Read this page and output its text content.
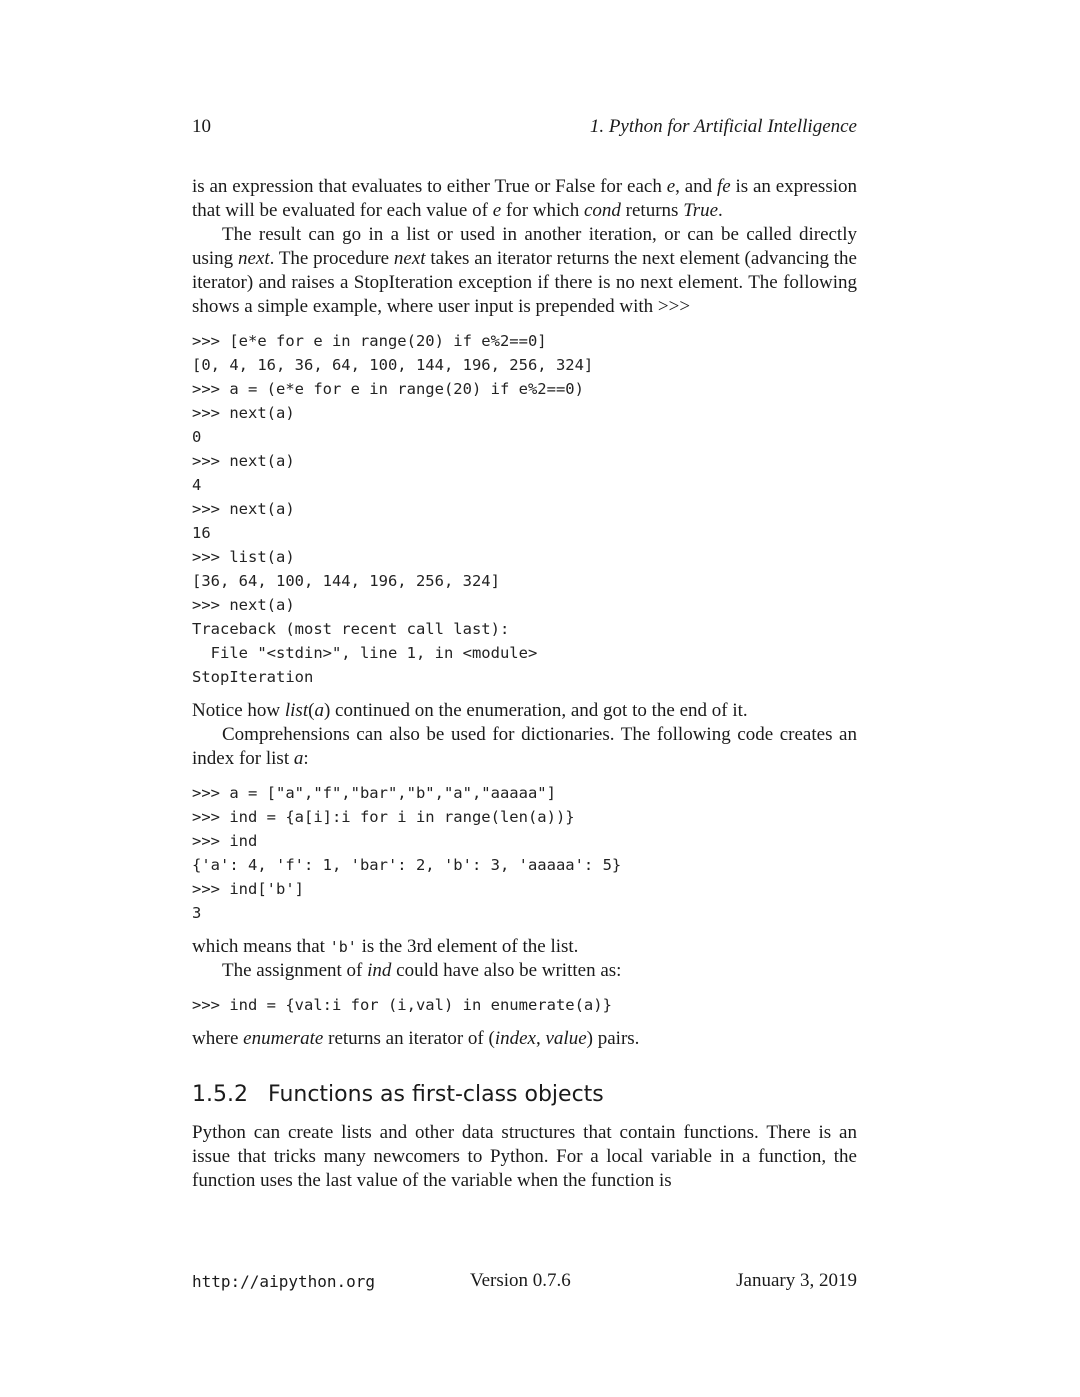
10	1. Python for Artificial Intelligence

is an expression that evaluates to either True or False for each e, and fe is an expression that will be evaluated for each value of e for which cond returns True.

The result can go in a list or used in another iteration, or can be called directly using next. The procedure next takes an iterator returns the next element (advancing the iterator) and raises a StopIteration exception if there is no next element. The following shows a simple example, where user input is prepended with >>>

>>> [e*e for e in range(20) if e%2==0]
[0, 4, 16, 36, 64, 100, 144, 196, 256, 324]
>>> a = (e*e for e in range(20) if e%2==0)
>>> next(a)
0
>>> next(a)
4
>>> next(a)
16
>>> list(a)
[36, 64, 100, 144, 196, 256, 324]
>>> next(a)
Traceback (most recent call last):
File "<stdin>", line 1, in <module>
StopIteration

Notice how list(a) continued on the enumeration, and got to the end of it.

Comprehensions can also be used for dictionaries. The following code creates an index for list a:

>>> a = ["a","f","bar","b","a","aaaaa"]
>>> ind = {a[i]:i for i in range(len(a))}
>>> ind
{'a': 4, 'f': 1, 'bar': 2, 'b': 3, 'aaaaa': 5}
>>> ind['b']
3

which means that 'b' is the 3rd element of the list.

The assignment of ind could have also be written as:

>>> ind = {val:i for (i,val) in enumerate(a)}

where enumerate returns an iterator of (index, value) pairs.

1.5.2 Functions as first-class objects

Python can create lists and other data structures that contain functions. There is an issue that tricks many newcomers to Python. For a local variable in a function, the function uses the last value of the variable when the function is

http://aipython.org	Version 0.7.6	January 3, 2019
